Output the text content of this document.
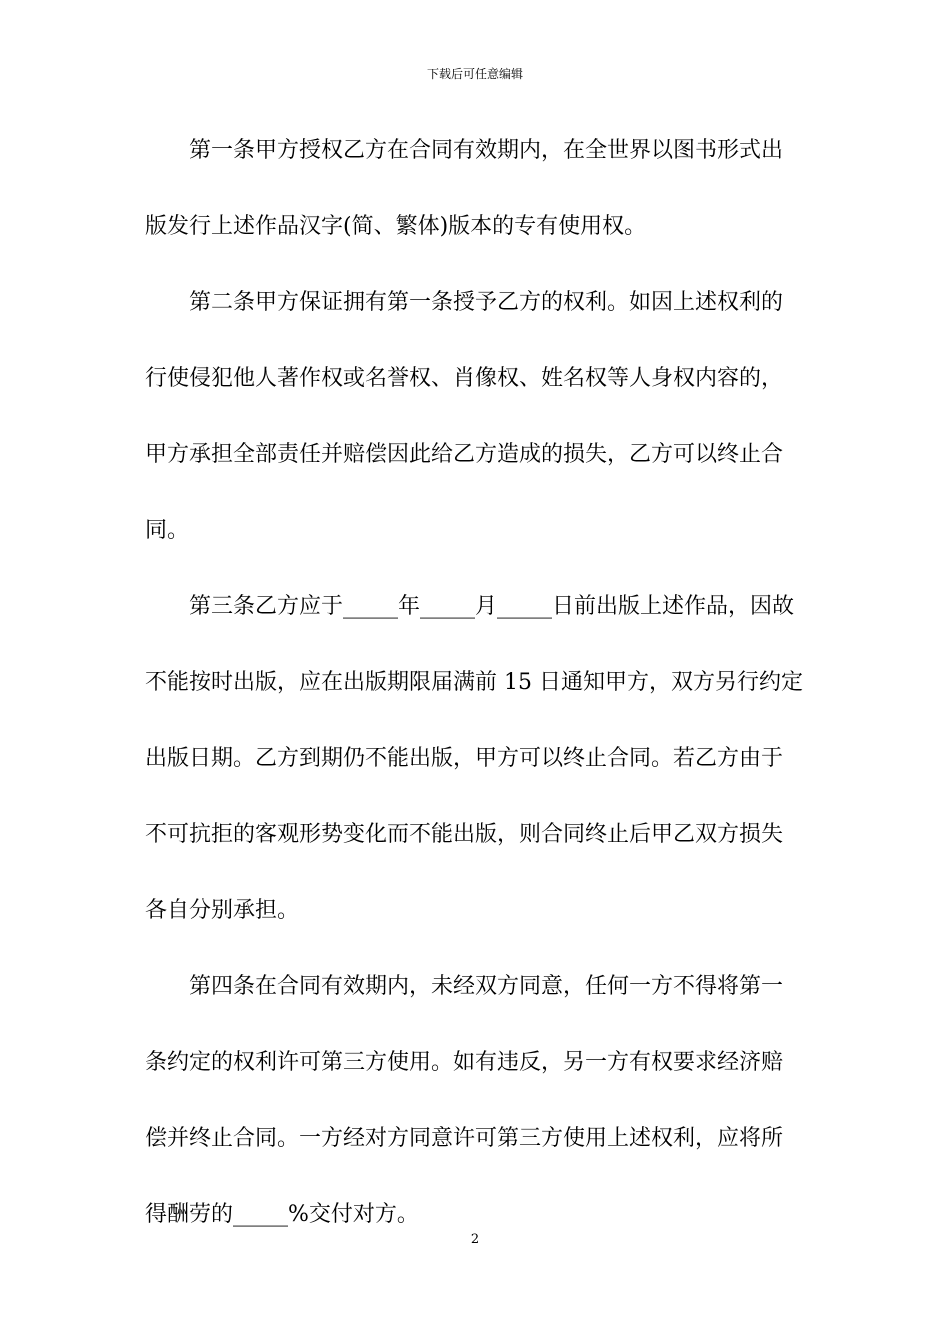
下载后可任意编辑

第一条甲方授权乙方在合同有效期内，在全世界以图书形式出
版发行上述作品汉字(简、繁体)版本的专有使用权。

第二条甲方保证拥有第一条授予乙方的权利。如因上述权利的
行使侵犯他人著作权或名誉权、肖像权、姓名权等人身权内容的，
甲方承担全部责任并赔偿因此给乙方造成的损失，乙方可以终止合
同。

第三条乙方应于_____年_____月_____日前出版上述作品，因故
不能按时出版，应在出版期限届满前 15 日通知甲方，双方另行约定
出版日期。乙方到期仍不能出版，甲方可以终止合同。若乙方由于
不可抗拒的客观形势变化而不能出版，则合同终止后甲乙双方损失
各自分别承担。

第四条在合同有效期内，未经双方同意，任何一方不得将第一
条约定的权利许可第三方使用。如有违反，另一方有权要求经济赔
偿并终止合同。一方经对方同意许可第三方使用上述权利，应将所
得酬劳的_____%交付对方。

2
